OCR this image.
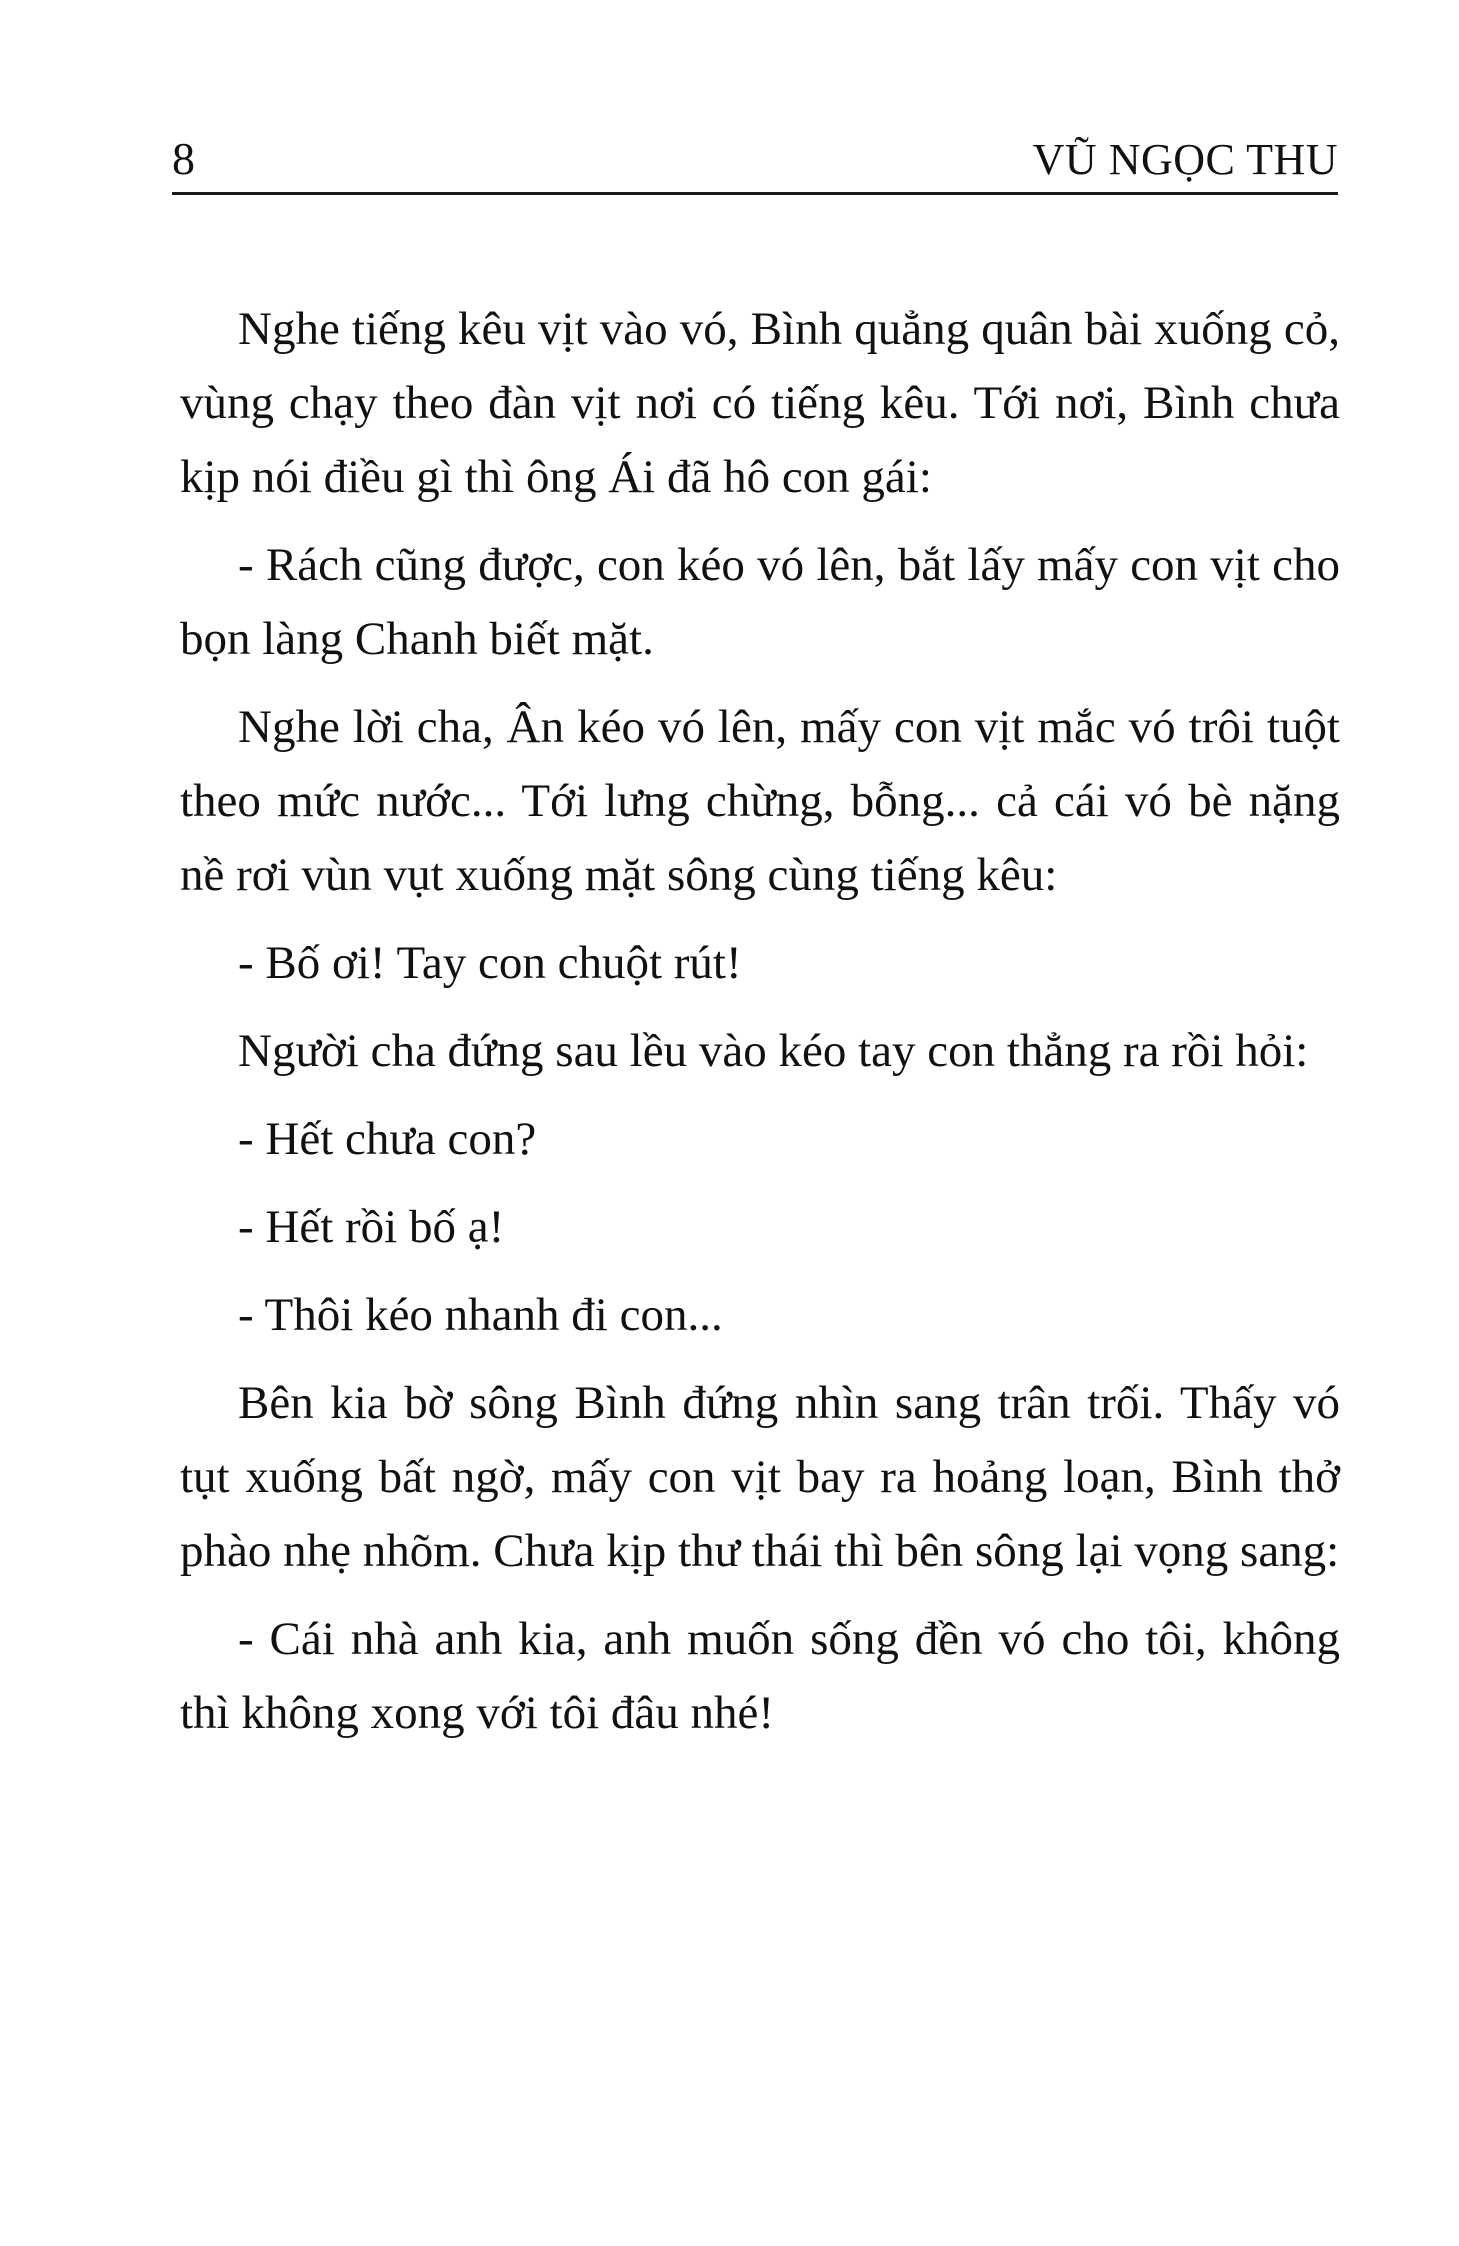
8	VŨ NGỌC THU

Nghe tiếng kêu vịt vào vó, Bình quẳng quân bài xuống cỏ, vùng chạy theo đàn vịt nơi có tiếng kêu. Tới nơi, Bình chưa kịp nói điều gì thì ông Ái đã hô con gái:

- Rách cũng được, con kéo vó lên, bắt lấy mấy con vịt cho bọn làng Chanh biết mặt.

Nghe lời cha, Ân kéo vó lên, mấy con vịt mắc vó trôi tuột theo mức nước... Tới lưng chừng, bỗng... cả cái vó bè nặng nề rơi vùn vụt xuống mặt sông cùng tiếng kêu:

- Bố ơi! Tay con chuột rút!

Người cha đứng sau lều vào kéo tay con thẳng ra rồi hỏi:

- Hết chưa con?

- Hết rồi bố ạ!

- Thôi kéo nhanh đi con...

Bên kia bờ sông Bình đứng nhìn sang trân trối. Thấy vó tụt xuống bất ngờ, mấy con vịt bay ra hoảng loạn, Bình thở phào nhẹ nhõm. Chưa kịp thư thái thì bên sông lại vọng sang:

- Cái nhà anh kia, anh muốn sống đền vó cho tôi, không thì không xong với tôi đâu nhé!
